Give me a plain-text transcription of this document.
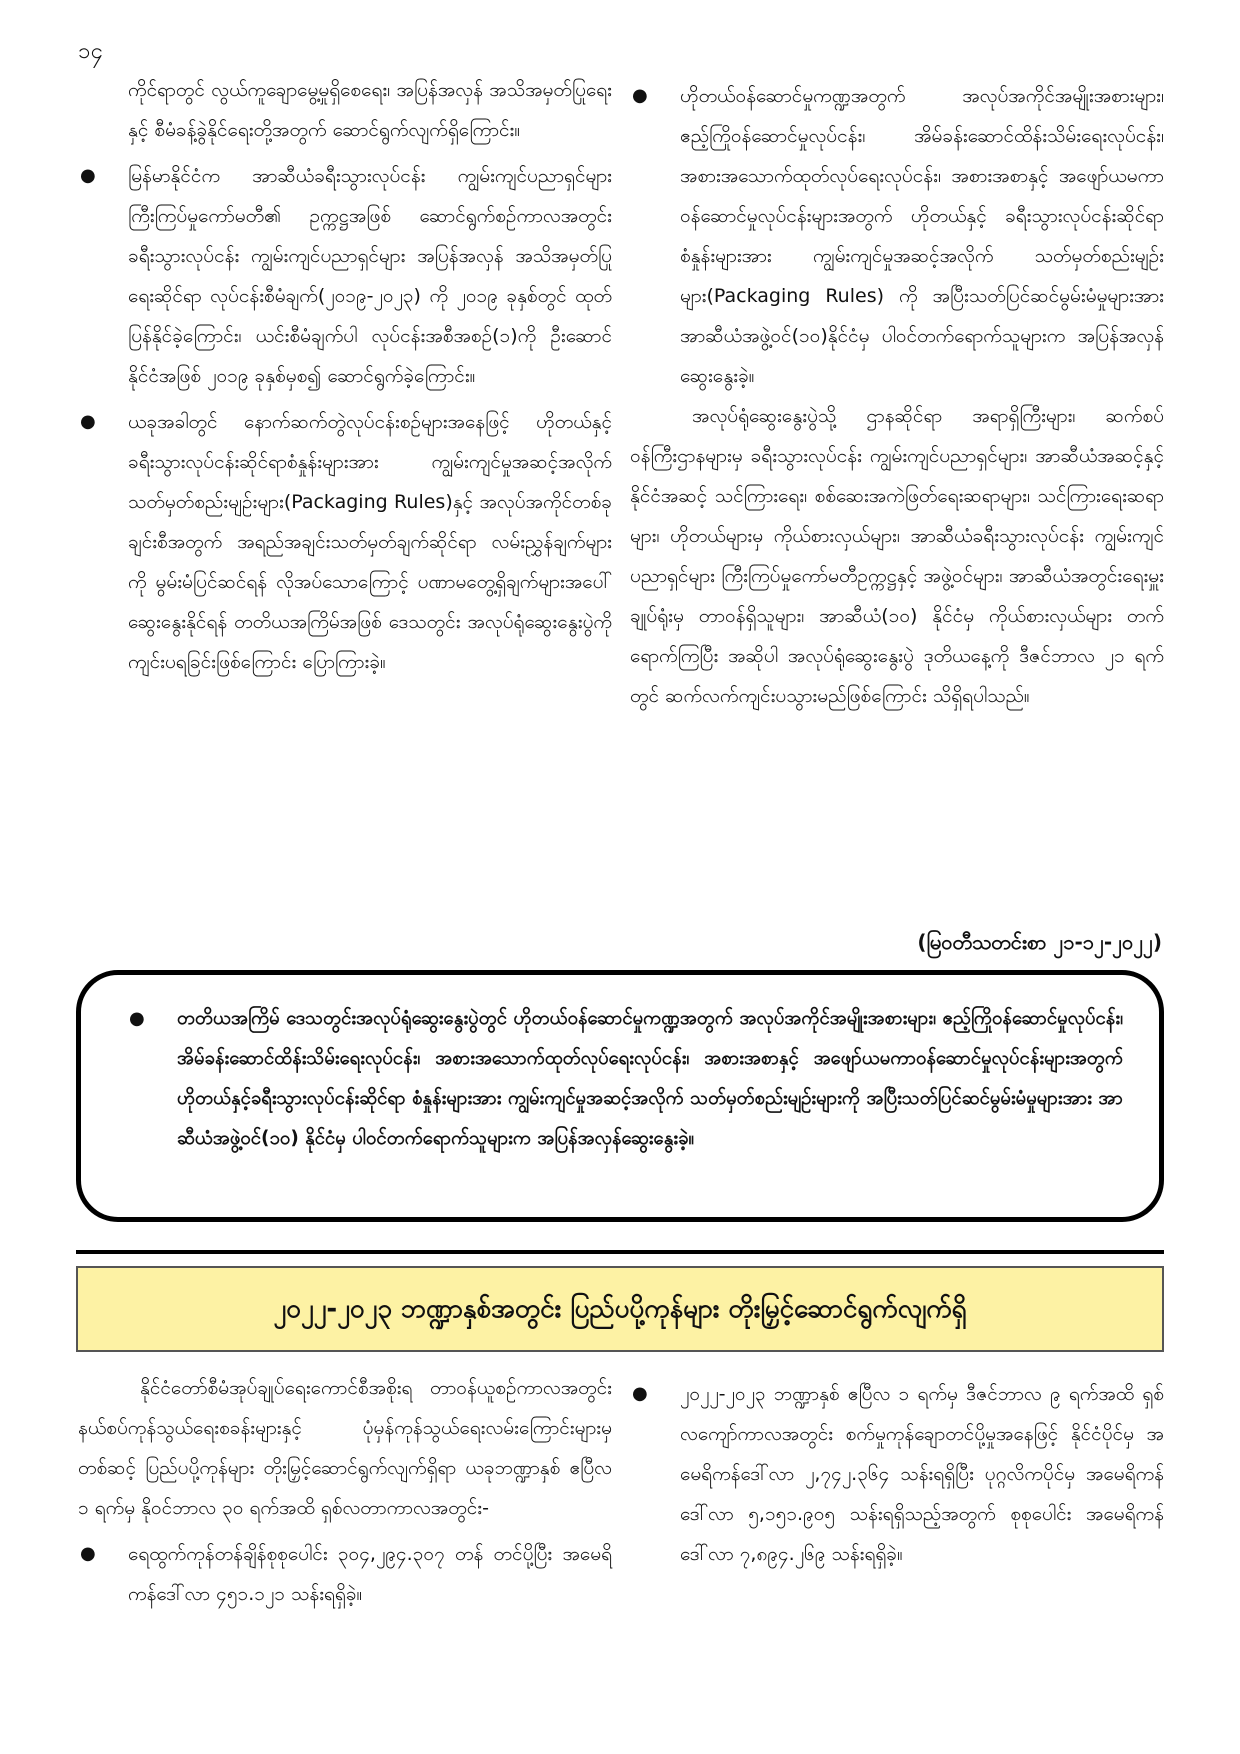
၁၄

ကိုင်ရာတွင် လွယ်ကူချောမွေ့မှုရှိစေရေး၊ အပြန်အလှန် အသိအမှတ်ပြုရေးနှင့် စီမံခန့်ခွဲနိုင်ရေးတို့အတွက် ဆောင်ရွက်လျက်ရှိကြောင်း။

● မြန်မာနိုင်ငံက အာဆီယံခရီးသွားလုပ်ငန်း ကျွမ်းကျင်ပညာရှင်များကြီးကြပ်မှုကော်မတီ၏ ဥက္ကဋ္ဌအဖြစ် ဆောင်ရွက်စဉ်ကာလအတွင်း ခရီးသွားလုပ်ငန်း ကျွမ်းကျင်ပညာရှင်များ အပြန်အလှန် အသိအမှတ်ပြုရေးဆိုင်ရာ လုပ်ငန်းစီမံချက်(၂၀၁၉-၂၀၂၃) ကို ၂၀၁၉ ခုနှစ်တွင် ထုတ်ပြန်နိုင်ခဲ့ကြောင်း၊ ယင်းစီမံချက်ပါ လုပ်ငန်းအစီအစဉ်(၁)ကို ဦးဆောင်နိုင်ငံအဖြစ် ၂၀၁၉ ခုနှစ်မှစ၍ ဆောင်ရွက်ခဲ့ကြောင်း။
● ယခုအခါတွင် နောက်ဆက်တွဲလုပ်ငန်းစဉ်များအနေဖြင့် ဟိုတယ်နှင့်ခရီးသွားလုပ်ငန်းဆိုင်ရာစံနှုန်းများအား ကျွမ်းကျင်မှုအဆင့်အလိုက် သတ်မှတ်စည်းမျဉ်းများ(Packaging Rules)နှင့် အလုပ်အကိုင်တစ်ခုချင်းစီအတွက် အရည်အချင်းသတ်မှတ်ချက်ဆိုင်ရာ လမ်းညွှန်ချက်များကို မွမ်းမံပြင်ဆင်ရန် လိုအပ်သောကြောင့် ပဏာမတွေ့ရှိချက်များအပေါ် ဆွေးနွေးနိုင်ရန် တတိယအကြိမ်အဖြစ် ဒေသတွင်း အလုပ်ရုံဆွေးနွေးပွဲကို ကျင်းပရခြင်းဖြစ်ကြောင်း ပြောကြားခဲ့။
● ဟိုတယ်ဝန်ဆောင်မှုကဏ္ဍအတွက် အလုပ်အကိုင်အမျိုးအစားများ၊ ဧည့်ကြိုဝန်ဆောင်မှုလုပ်ငန်း၊ အိမ်ခန်းဆောင်ထိန်းသိမ်းရေးလုပ်ငန်း၊ အစားအသောက်ထုတ်လုပ်ရေးလုပ်ငန်း၊ အစားအစာနှင့် အဖျော်ယမကာ ဝန်ဆောင်မှုလုပ်ငန်းများအတွက် ဟိုတယ်နှင့် ခရီးသွားလုပ်ငန်းဆိုင်ရာစံနှုန်းများအား ကျွမ်းကျင်မှုအဆင့်အလိုက် သတ်မှတ်စည်းမျဉ်းများ(Packaging Rules) ကို အပြီးသတ်ပြင်ဆင်မွမ်းမံမှုများအား အာဆီယံအဖွဲ့ဝင်(၁၀)နိုင်ငံမှ ပါဝင်တက်ရောက်သူများက အပြန်အလှန်ဆွေးနွေးခဲ့။

အလုပ်ရုံဆွေးနွေးပွဲသို့ ဌာနဆိုင်ရာ အရာရှိကြီးများ၊ ဆက်စပ်ဝန်ကြီးဌာနများမှ ခရီးသွားလုပ်ငန်း ကျွမ်းကျင်ပညာရှင်များ၊ အာဆီယံအဆင့်နှင့် နိုင်ငံအဆင့် သင်ကြားရေး၊ စစ်ဆေးအကဲဖြတ်ရေးဆရာများ၊ သင်ကြားရေးဆရာများ၊ ဟိုတယ်များမှ ကိုယ်စားလှယ်များ၊ အာဆီယံခရီးသွားလုပ်ငန်း ကျွမ်းကျင်ပညာရှင်များ ကြီးကြပ်မှုကော်မတီဥက္ကဋ္ဌနှင့် အဖွဲ့ဝင်များ၊ အာဆီယံအတွင်းရေးမှူးချုပ်ရုံးမှ တာဝန်ရှိသူများ၊ အာဆီယံ(၁၀) နိုင်ငံမှ ကိုယ်စားလှယ်များ တက်ရောက်ကြပြီး အဆိုပါ အလုပ်ရုံဆွေးနွေးပွဲ ဒုတိယနေ့ကို ဒီဇင်ဘာလ ၂၁ ရက်တွင် ဆက်လက်ကျင်းပသွားမည်ဖြစ်ကြောင်း သိရှိရပါသည်။

(မြဝတီသတင်းစာ ၂၁-၁၂-၂၀၂၂)
● တတိယအကြိမ် ဒေသတွင်းအလုပ်ရုံဆွေးနွေးပွဲတွင် ဟိုတယ်ဝန်ဆောင်မှုကဏ္ဍအတွက် အလုပ်အကိုင်အမျိုးအစားများ၊ ဧည့်ကြိုဝန်ဆောင်မှုလုပ်ငန်း၊ အိမ်ခန်းဆောင်ထိန်းသိမ်းရေးလုပ်ငန်း၊ အစားအသောက်ထုတ်လုပ်ရေးလုပ်ငန်း၊ အစားအစာနှင့် အဖျော်ယမကာဝန်ဆောင်မှုလုပ်ငန်းများအတွက် ဟိုတယ်နှင့်ခရီးသွားလုပ်ငန်းဆိုင်ရာ စံနှုန်းများအား ကျွမ်းကျင်မှုအဆင့်အလိုက် သတ်မှတ်စည်းမျဉ်းများကို အပြီးသတ်ပြင်ဆင်မွမ်းမံမှုများအား အာဆီယံအဖွဲ့ဝင်(၁၀) နိုင်ငံမှ ပါဝင်တက်ရောက်သူများက အပြန်အလှန်ဆွေးနွေးခဲ့။
၂၀၂၂-၂၀၂၃ ဘဏ္ဍာနှစ်အတွင်း ပြည်ပပို့ကုန်များ တိုးမြှင့်ဆောင်ရွက်လျက်ရှိ

နိုင်ငံတော်စီမံအုပ်ချုပ်ရေးကောင်စီအစိုးရ တာဝန်ယူစဉ်ကာလအတွင်း နယ်စပ်ကုန်သွယ်ရေးစခန်းများနှင့် ပုံမှန်ကုန်သွယ်ရေးလမ်းကြောင်းများမှတစ်ဆင့် ပြည်ပပို့ကုန်များ တိုးမြှင့်ဆောင်ရွက်လျက်ရှိရာ ယခုဘဏ္ဍာနှစ် ဧပြီလ ၁ ရက်မှ နိုဝင်ဘာလ ၃၀ ရက်အထိ ရှစ်လတာကာလအတွင်း-

● ရေထွက်ကုန်တန်ချိန်စုစုပေါင်း ၃၀၄,၂၉၄.၃၀၇ တန် တင်ပို့ပြီး အမေရိကန်ဒေါ်လာ ၄၅၁.၁၂၁ သန်းရရှိခဲ့။
● ၂၀၂၂-၂၀၂၃ ဘဏ္ဍာနှစ် ဧပြီလ ၁ ရက်မှ ဒီဇင်ဘာလ ၉ ရက်အထိ ရှစ်လကျော်ကာလအတွင်း စက်မှုကုန်ချောတင်ပို့မှုအနေဖြင့် နိုင်ငံပိုင်မှ အမေရိကန်ဒေါ်လာ ၂,၇၄၂.၃၆၄ သန်းရရှိပြီး ပုဂ္ဂလိကပိုင်မှ အမေရိကန်ဒေါ်လာ ၅,၁၅၁.၉၀၅ သန်းရရှိသည့်အတွက် စုစုပေါင်း အမေရိကန်ဒေါ်လာ ၇,၈၉၄.၂၆၉ သန်းရရှိခဲ့။
